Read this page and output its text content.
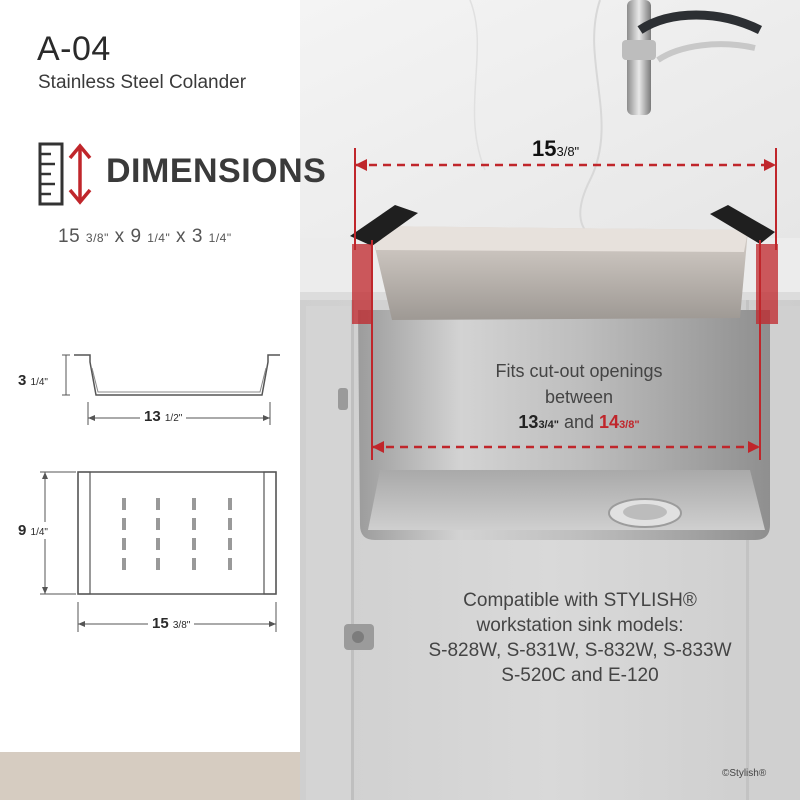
A-04
Stainless Steel Colander
DIMENSIONS
15 3/8" x 9 1/4" x 3 1/4"
3 1/4"
13 1/2"
9 1/4"
15 3/8"
153/8"
Fits cut-out openings between
133/4" and 143/8"
Compatible with STYLISH®
workstation sink models:
S-828W, S-831W, S-832W, S-833W
S-520C and E-120
©Stylish®
